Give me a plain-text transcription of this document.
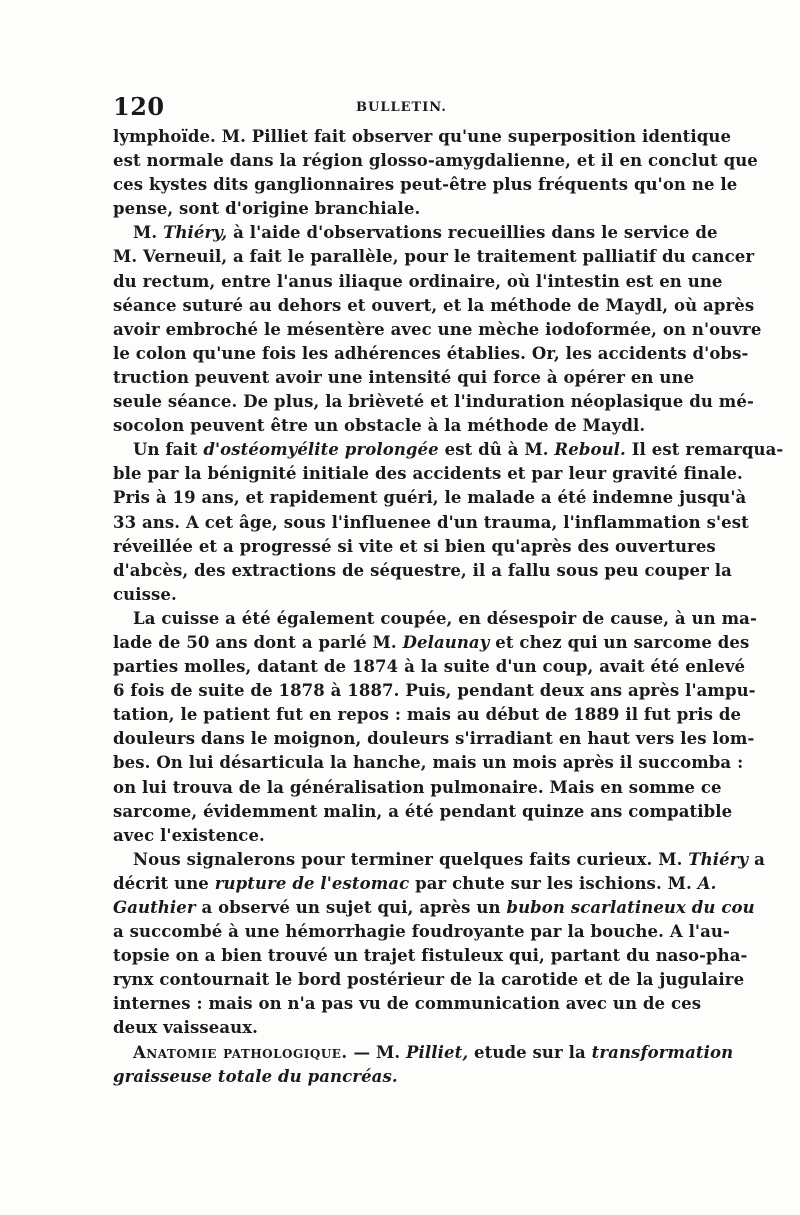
120	BULLETIN.
lymphoïde. M. Pilliet fait observer qu'une superposition identique
est normale dans la région glosso-amygdalienne, et il en conclut que
ces kystes dits ganglionnaires peut-être plus fréquents qu'on ne le
pense, sont d'origine branchiale.
M. Thiéry, à l'aide d'observations recueillies dans le service de
M. Verneuil, a fait le parallèle, pour le traitement palliatif du cancer
du rectum, entre l'anus iliaque ordinaire, où l'intestin est en une
séance suturé au dehors et ouvert, et la méthode de Maydl, où après
avoir embroché le mésentère avec une mèche iodoformée, on n'ouvre
le colon qu'une fois les adhérences établies. Or, les accidents d'obs-
truction peuvent avoir une intensité qui force à opérer en une
seule séance. De plus, la brièveté et l'induration néoplasique du mé-
socolon peuvent être un obstacle à la méthode de Maydl.
Un fait d'ostéomyélite prolongée est dû à M. Reboul. Il est remarqua-
ble par la bénignité initiale des accidents et par leur gravité finale.
Pris à 19 ans, et rapidement guéri, le malade a été indemne jusqu'à
33 ans. A cet âge, sous l'influenee d'un trauma, l'inflammation s'est
réveillée et a progressé si vite et si bien qu'après des ouvertures
d'abcès, des extractions de séquestre, il a fallu sous peu couper la
cuisse.
La cuisse a été également coupée, en désespoir de cause, à un ma-
lade de 50 ans dont a parlé M. Delaunay et chez qui un sarcome des
parties molles, datant de 1874 à la suite d'un coup, avait été enlevé
6 fois de suite de 1878 à 1887. Puis, pendant deux ans après l'ampu-
tation, le patient fut en repos : mais au début de 1889 il fut pris de
douleurs dans le moignon, douleurs s'irradiant en haut vers les lom-
bes. On lui désarticula la hanche, mais un mois après il succomba :
on lui trouva de la généralisation pulmonaire. Mais en somme ce
sarcome, évidemment malin, a été pendant quinze ans compatible
avec l'existence.
Nous signalerons pour terminer quelques faits curieux. M. Thiéry a
décrit une rupture de l'estomac par chute sur les ischions. M. A.
Gauthier a observé un sujet qui, après un bubon scarlatineux du cou
a succombé à une hémorrhagie foudroyante par la bouche. A l'au-
topsie on a bien trouvé un trajet fistuleux qui, partant du naso-pha-
rynx contournait le bord postérieur de la carotide et de la jugulaire
internes : mais on n'a pas vu de communication avec un de ces
deux vaisseaux.
Anatomie pathologique. — M. Pilliet, etude sur la transformation
graisseuse totale du pancréas.
